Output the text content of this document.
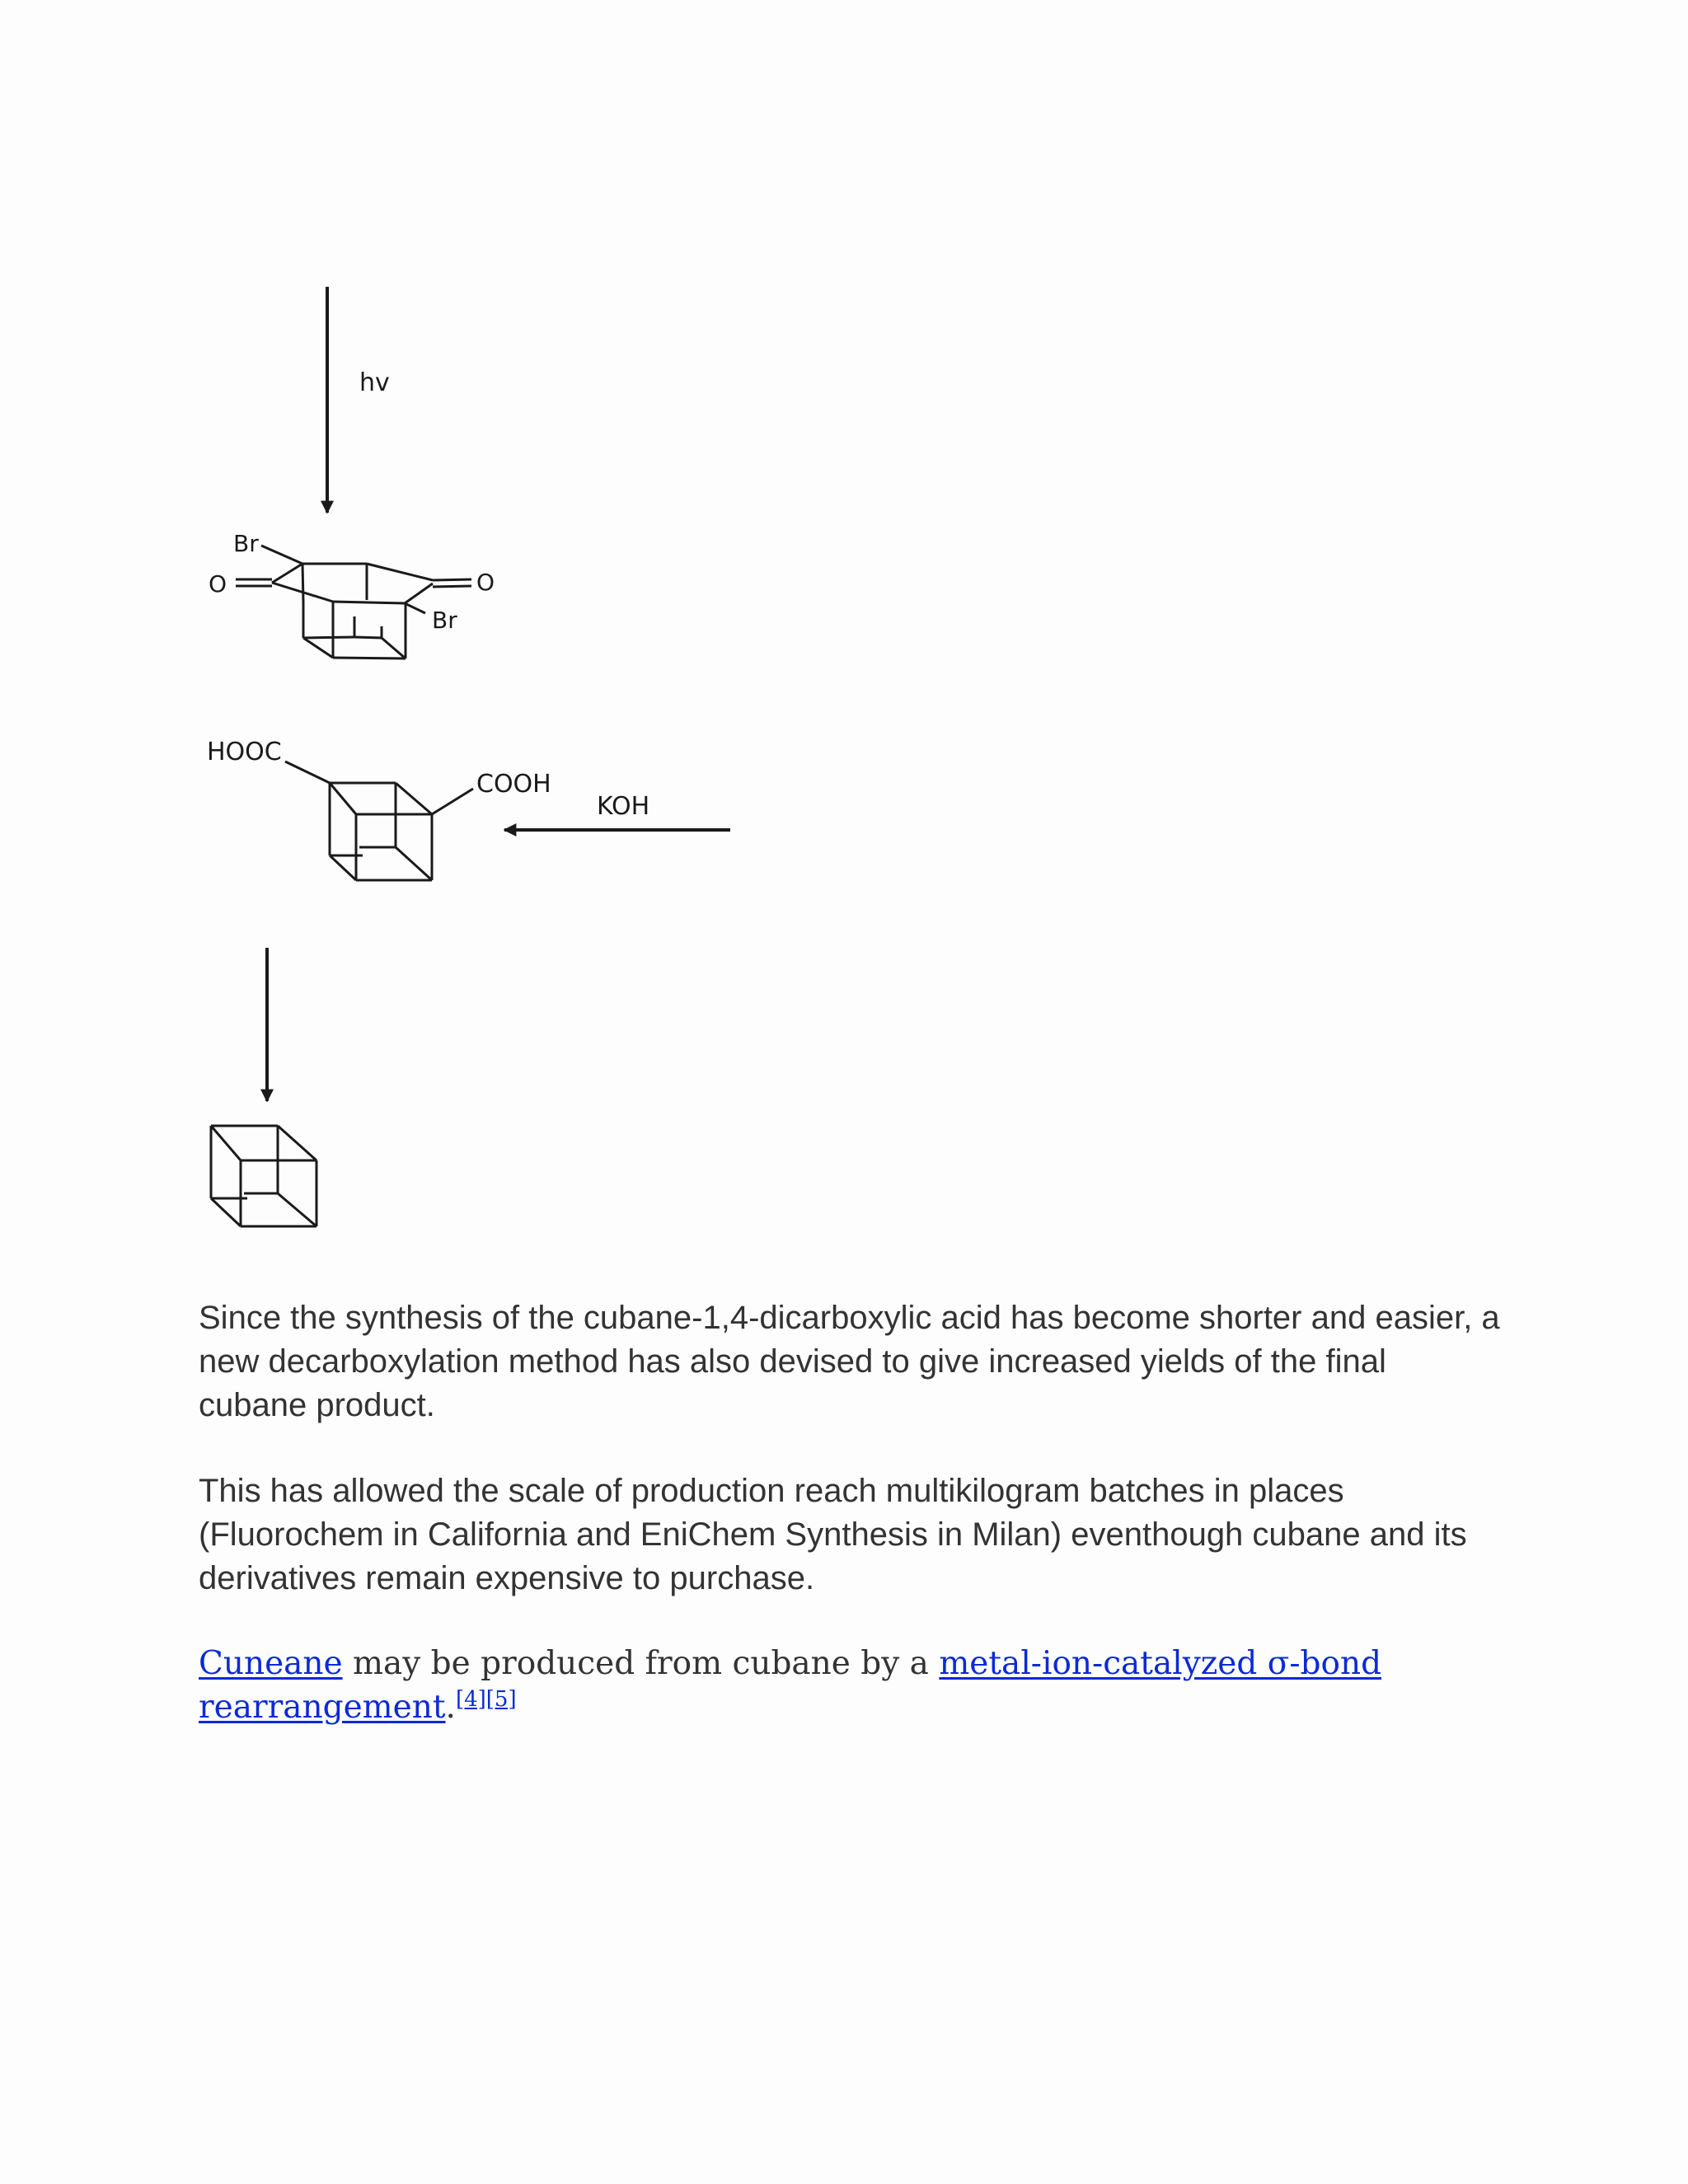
hv
Br
O	O
Br
HOOC
COOH
KOH

Since the synthesis of the cubane-1,4-dicarboxylic acid has become shorter and easier, a new decarboxylation method has also devised to give increased yields of the final cubane product.

This has allowed the scale of production reach multikilogram batches in places (Fluorochem in California and EniChem Synthesis in Milan) eventhough cubane and its derivatives remain expensive to purchase.

Cuneane may be produced from cubane by a metal-ion-catalyzed σ-bond rearrangement.[4][5]
